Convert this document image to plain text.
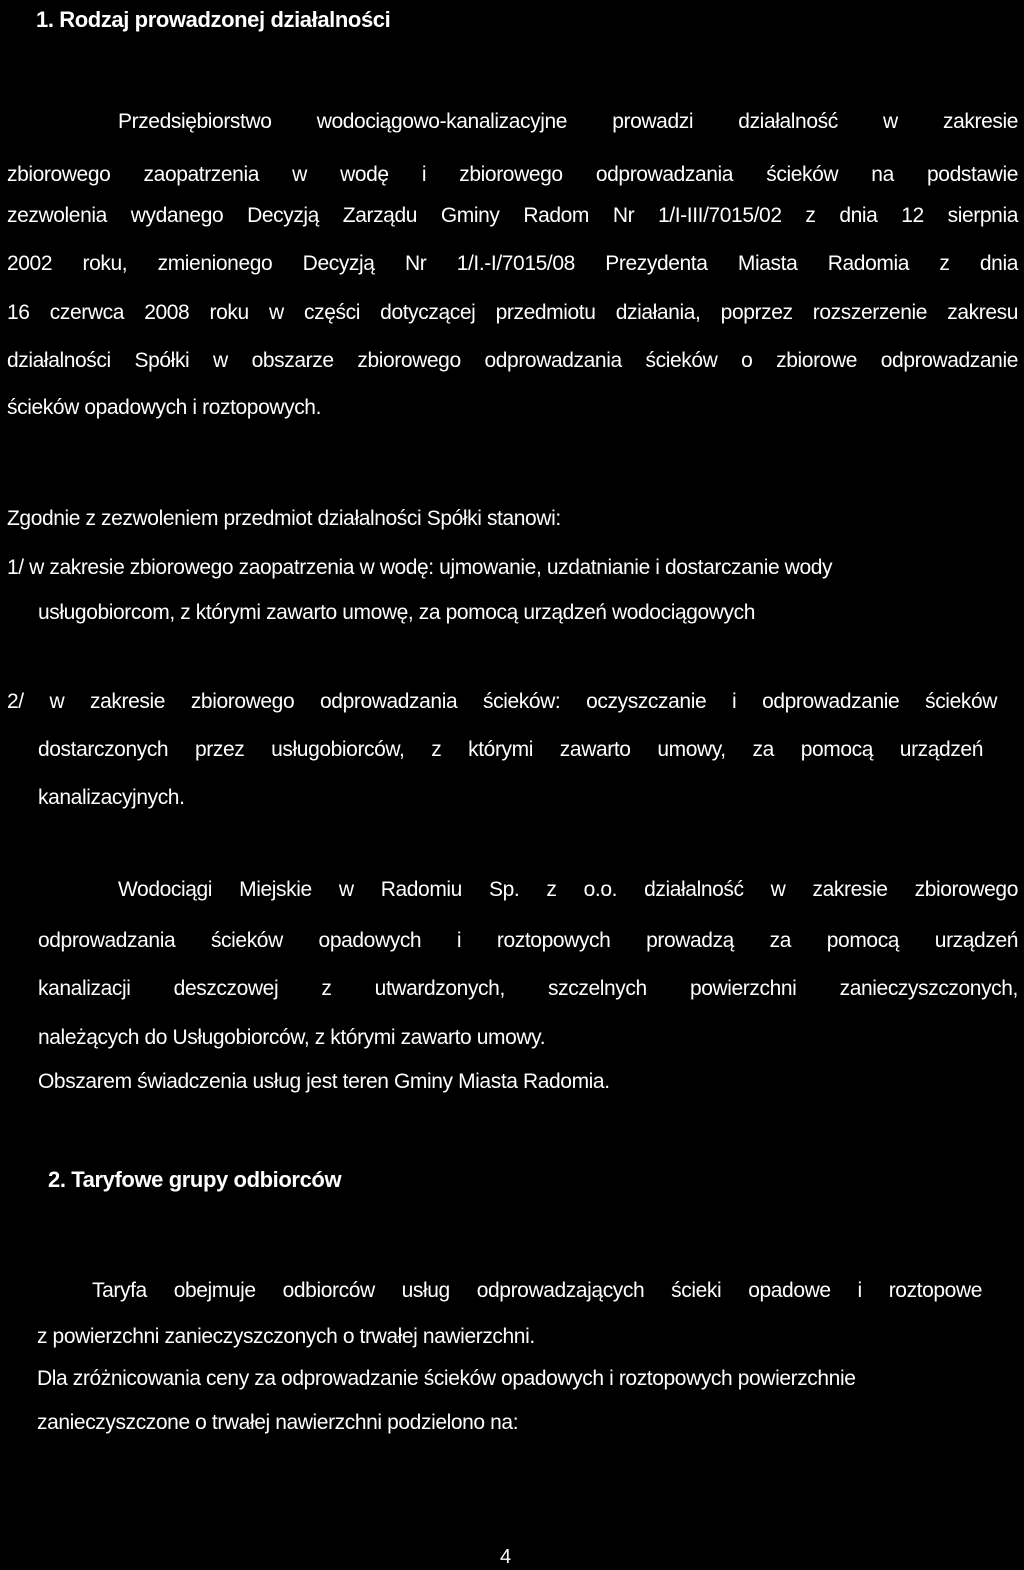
1. Rodzaj prowadzonej działalności
Przedsiębiorstwo wodociągowo-kanalizacyjne prowadzi działalność w zakresie
zbiorowego zaopatrzenia w wodę i zbiorowego odprowadzania ścieków na podstawie
zezwolenia wydanego Decyzją Zarządu Gminy Radom Nr 1/I-III/7015/02 z dnia 12 sierpnia
2002 roku, zmienionego Decyzją Nr 1/I.-I/7015/08 Prezydenta Miasta Radomia z dnia
16 czerwca 2008 roku w części dotyczącej przedmiotu działania, poprzez rozszerzenie zakresu
działalności Spółki w obszarze zbiorowego odprowadzania ścieków o zbiorowe odprowadzanie
ścieków opadowych i roztopowych.
Zgodnie z zezwoleniem przedmiot działalności Spółki stanowi:
1/ w zakresie zbiorowego zaopatrzenia w wodę: ujmowanie, uzdatnianie i dostarczanie wody
usługobiorcom, z którymi zawarto umowę, za pomocą urządzeń wodociągowych
2/ w zakresie zbiorowego odprowadzania ścieków: oczyszczanie i odprowadzanie ścieków
dostarczonych przez usługobiorców, z którymi zawarto umowy, za pomocą urządzeń
kanalizacyjnych.
Wodociągi Miejskie w Radomiu Sp. z o.o. działalność w zakresie zbiorowego
odprowadzania ścieków opadowych i roztopowych prowadzą za pomocą urządzeń
kanalizacji deszczowej z utwardzonych, szczelnych powierzchni zanieczyszczonych,
należących do Usługobiorców, z którymi zawarto umowy.
Obszarem świadczenia usług jest teren Gminy Miasta Radomia.
2. Taryfowe grupy odbiorców
Taryfa obejmuje odbiorców usług odprowadzających ścieki opadowe i roztopowe
z powierzchni zanieczyszczonych o trwałej nawierzchni.
Dla zróżnicowania ceny za odprowadzanie ścieków opadowych i roztopowych powierzchnie
zanieczyszczone o trwałej nawierzchni podzielono na:
4
